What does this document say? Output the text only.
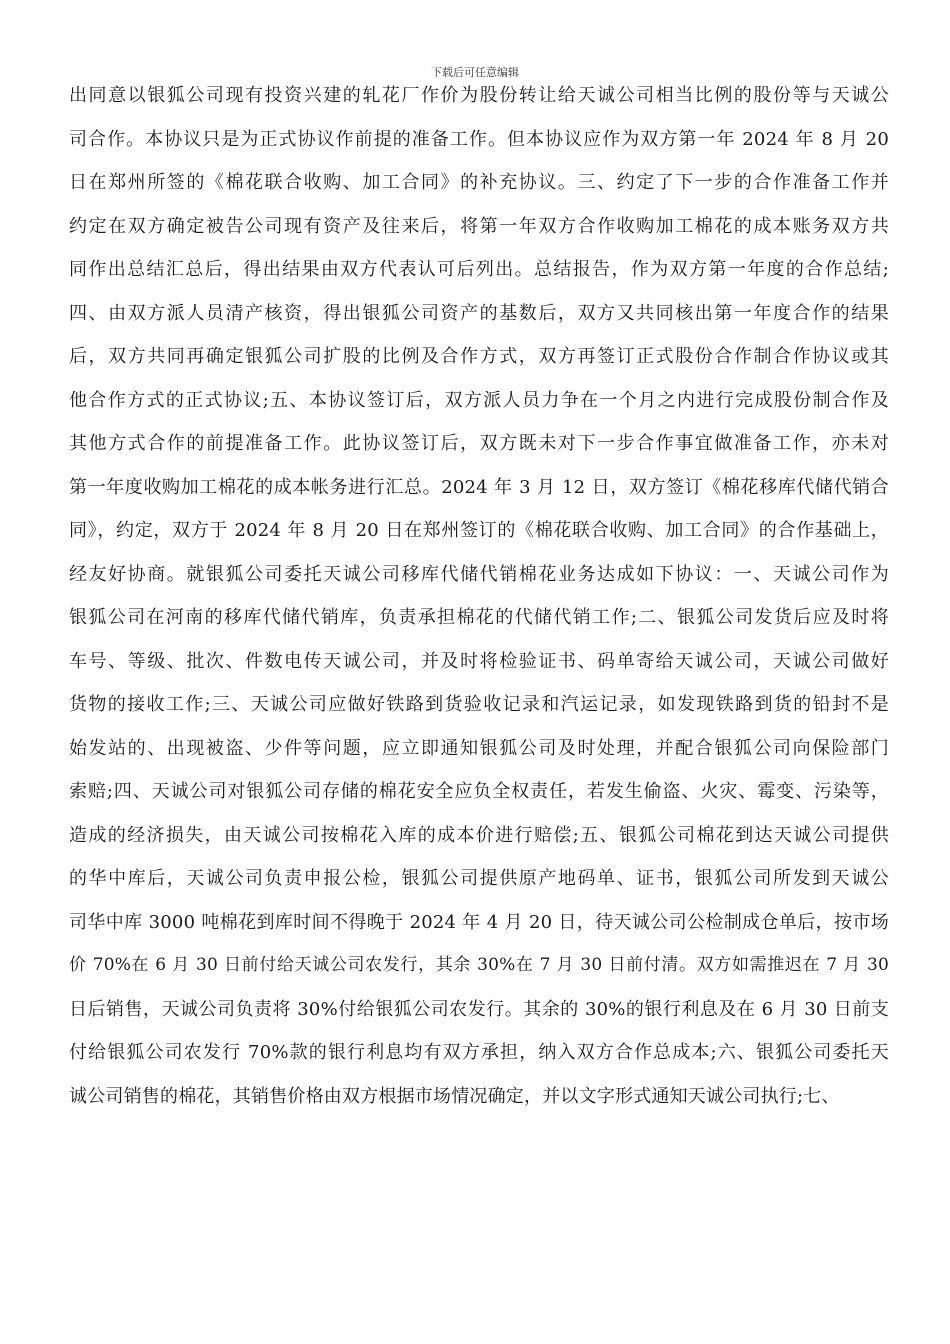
下载后可任意编辑
出同意以银狐公司现有投资兴建的轧花厂作价为股份转让给天诚公司相当比例的股份等与天诚公
司合作。本协议只是为正式协议作前提的准备工作。但本协议应作为双方第一年 2024 年 8 月 20
日在郑州所签的《棉花联合收购、加工合同》的补充协议。三、约定了下一步的合作准备工作并
约定在双方确定被告公司现有资产及往来后，将第一年双方合作收购加工棉花的成本账务双方共
同作出总结汇总后，得出结果由双方代表认可后列出。总结报告，作为双方第一年度的合作总结;
四、由双方派人员清产核资，得出银狐公司资产的基数后，双方又共同核出第一年度合作的结果
后，双方共同再确定银狐公司扩股的比例及合作方式，双方再签订正式股份合作制合作协议或其
他合作方式的正式协议;五、本协议签订后，双方派人员力争在一个月之内进行完成股份制合作及
其他方式合作的前提准备工作。此协议签订后，双方既未对下一步合作事宜做准备工作，亦未对
第一年度收购加工棉花的成本帐务进行汇总。2024 年 3 月 12 日，双方签订《棉花移库代储代销合
同》，约定，双方于 2024 年 8 月 20 日在郑州签订的《棉花联合收购、加工合同》的合作基础上，
经友好协商。就银狐公司委托天诚公司移库代储代销棉花业务达成如下协议：一、天诚公司作为
银狐公司在河南的移库代储代销库，负责承担棉花的代储代销工作;二、银狐公司发货后应及时将
车号、等级、批次、件数电传天诚公司，并及时将检验证书、码单寄给天诚公司，天诚公司做好
货物的接收工作;三、天诚公司应做好铁路到货验收记录和汽运记录，如发现铁路到货的铅封不是
始发站的、出现被盗、少件等问题，应立即通知银狐公司及时处理，并配合银狐公司向保险部门
索赔;四、天诚公司对银狐公司存储的棉花安全应负全权责任，若发生偷盗、火灾、霉变、污染等，
造成的经济损失，由天诚公司按棉花入库的成本价进行赔偿;五、银狐公司棉花到达天诚公司提供
的华中库后，天诚公司负责申报公检，银狐公司提供原产地码单、证书，银狐公司所发到天诚公
司华中库 3000 吨棉花到库时间不得晚于 2024 年 4 月 20 日，待天诚公司公检制成仓单后，按市场
价 70%在 6 月 30 日前付给天诚公司农发行，其余 30%在 7 月 30 日前付清。双方如需推迟在 7 月 30
日后销售，天诚公司负责将 30%付给银狐公司农发行。其余的 30%的银行利息及在 6 月 30 日前支
付给银狐公司农发行 70%款的银行利息均有双方承担，纳入双方合作总成本;六、银狐公司委托天
诚公司销售的棉花，其销售价格由双方根据市场情况确定，并以文字形式通知天诚公司执行;七、
